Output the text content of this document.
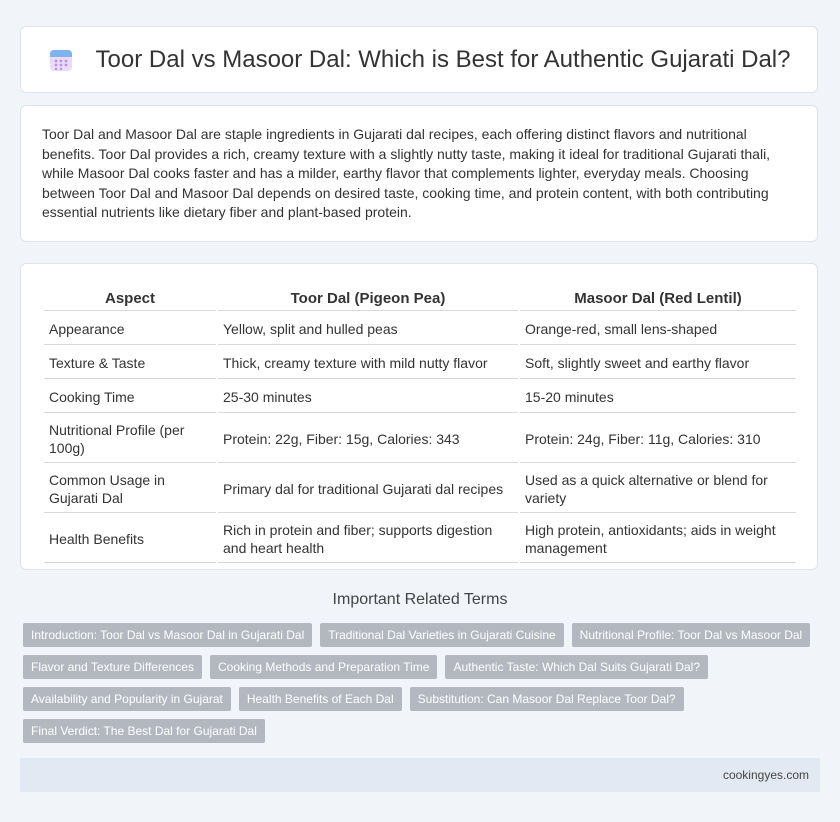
Toor Dal vs Masoor Dal: Which is Best for Authentic Gujarati Dal?

Toor Dal and Masoor Dal are staple ingredients in Gujarati dal recipes, each offering distinct flavors and nutritional benefits. Toor Dal provides a rich, creamy texture with a slightly nutty taste, making it ideal for traditional Gujarati thali, while Masoor Dal cooks faster and has a milder, earthy flavor that complements lighter, everyday meals. Choosing between Toor Dal and Masoor Dal depends on desired taste, cooking time, and protein content, with both contributing essential nutrients like dietary fiber and plant-based protein.

Aspect	Toor Dal (Pigeon Pea)	Masoor Dal (Red Lentil)
Appearance	Yellow, split and hulled peas	Orange-red, small lens-shaped
Texture & Taste	Thick, creamy texture with mild nutty flavor	Soft, slightly sweet and earthy flavor
Cooking Time	25-30 minutes	15-20 minutes
Nutritional Profile (per 100g)	Protein: 22g, Fiber: 15g, Calories: 343	Protein: 24g, Fiber: 11g, Calories: 310
Common Usage in Gujarati Dal	Primary dal for traditional Gujarati dal recipes	Used as a quick alternative or blend for variety
Health Benefits	Rich in protein and fiber; supports digestion and heart health	High protein, antioxidants; aids in weight management
Important Related Terms
Introduction: Toor Dal vs Masoor Dal in Gujarati Dal	Traditional Dal Varieties in Gujarati Cuisine	Nutritional Profile: Toor Dal vs Masoor Dal
Flavor and Texture Differences	Cooking Methods and Preparation Time	Authentic Taste: Which Dal Suits Gujarati Dal?
Availability and Popularity in Gujarat	Health Benefits of Each Dal	Substitution: Can Masoor Dal Replace Toor Dal?
Final Verdict: The Best Dal for Gujarati Dal
cookingyes.com
